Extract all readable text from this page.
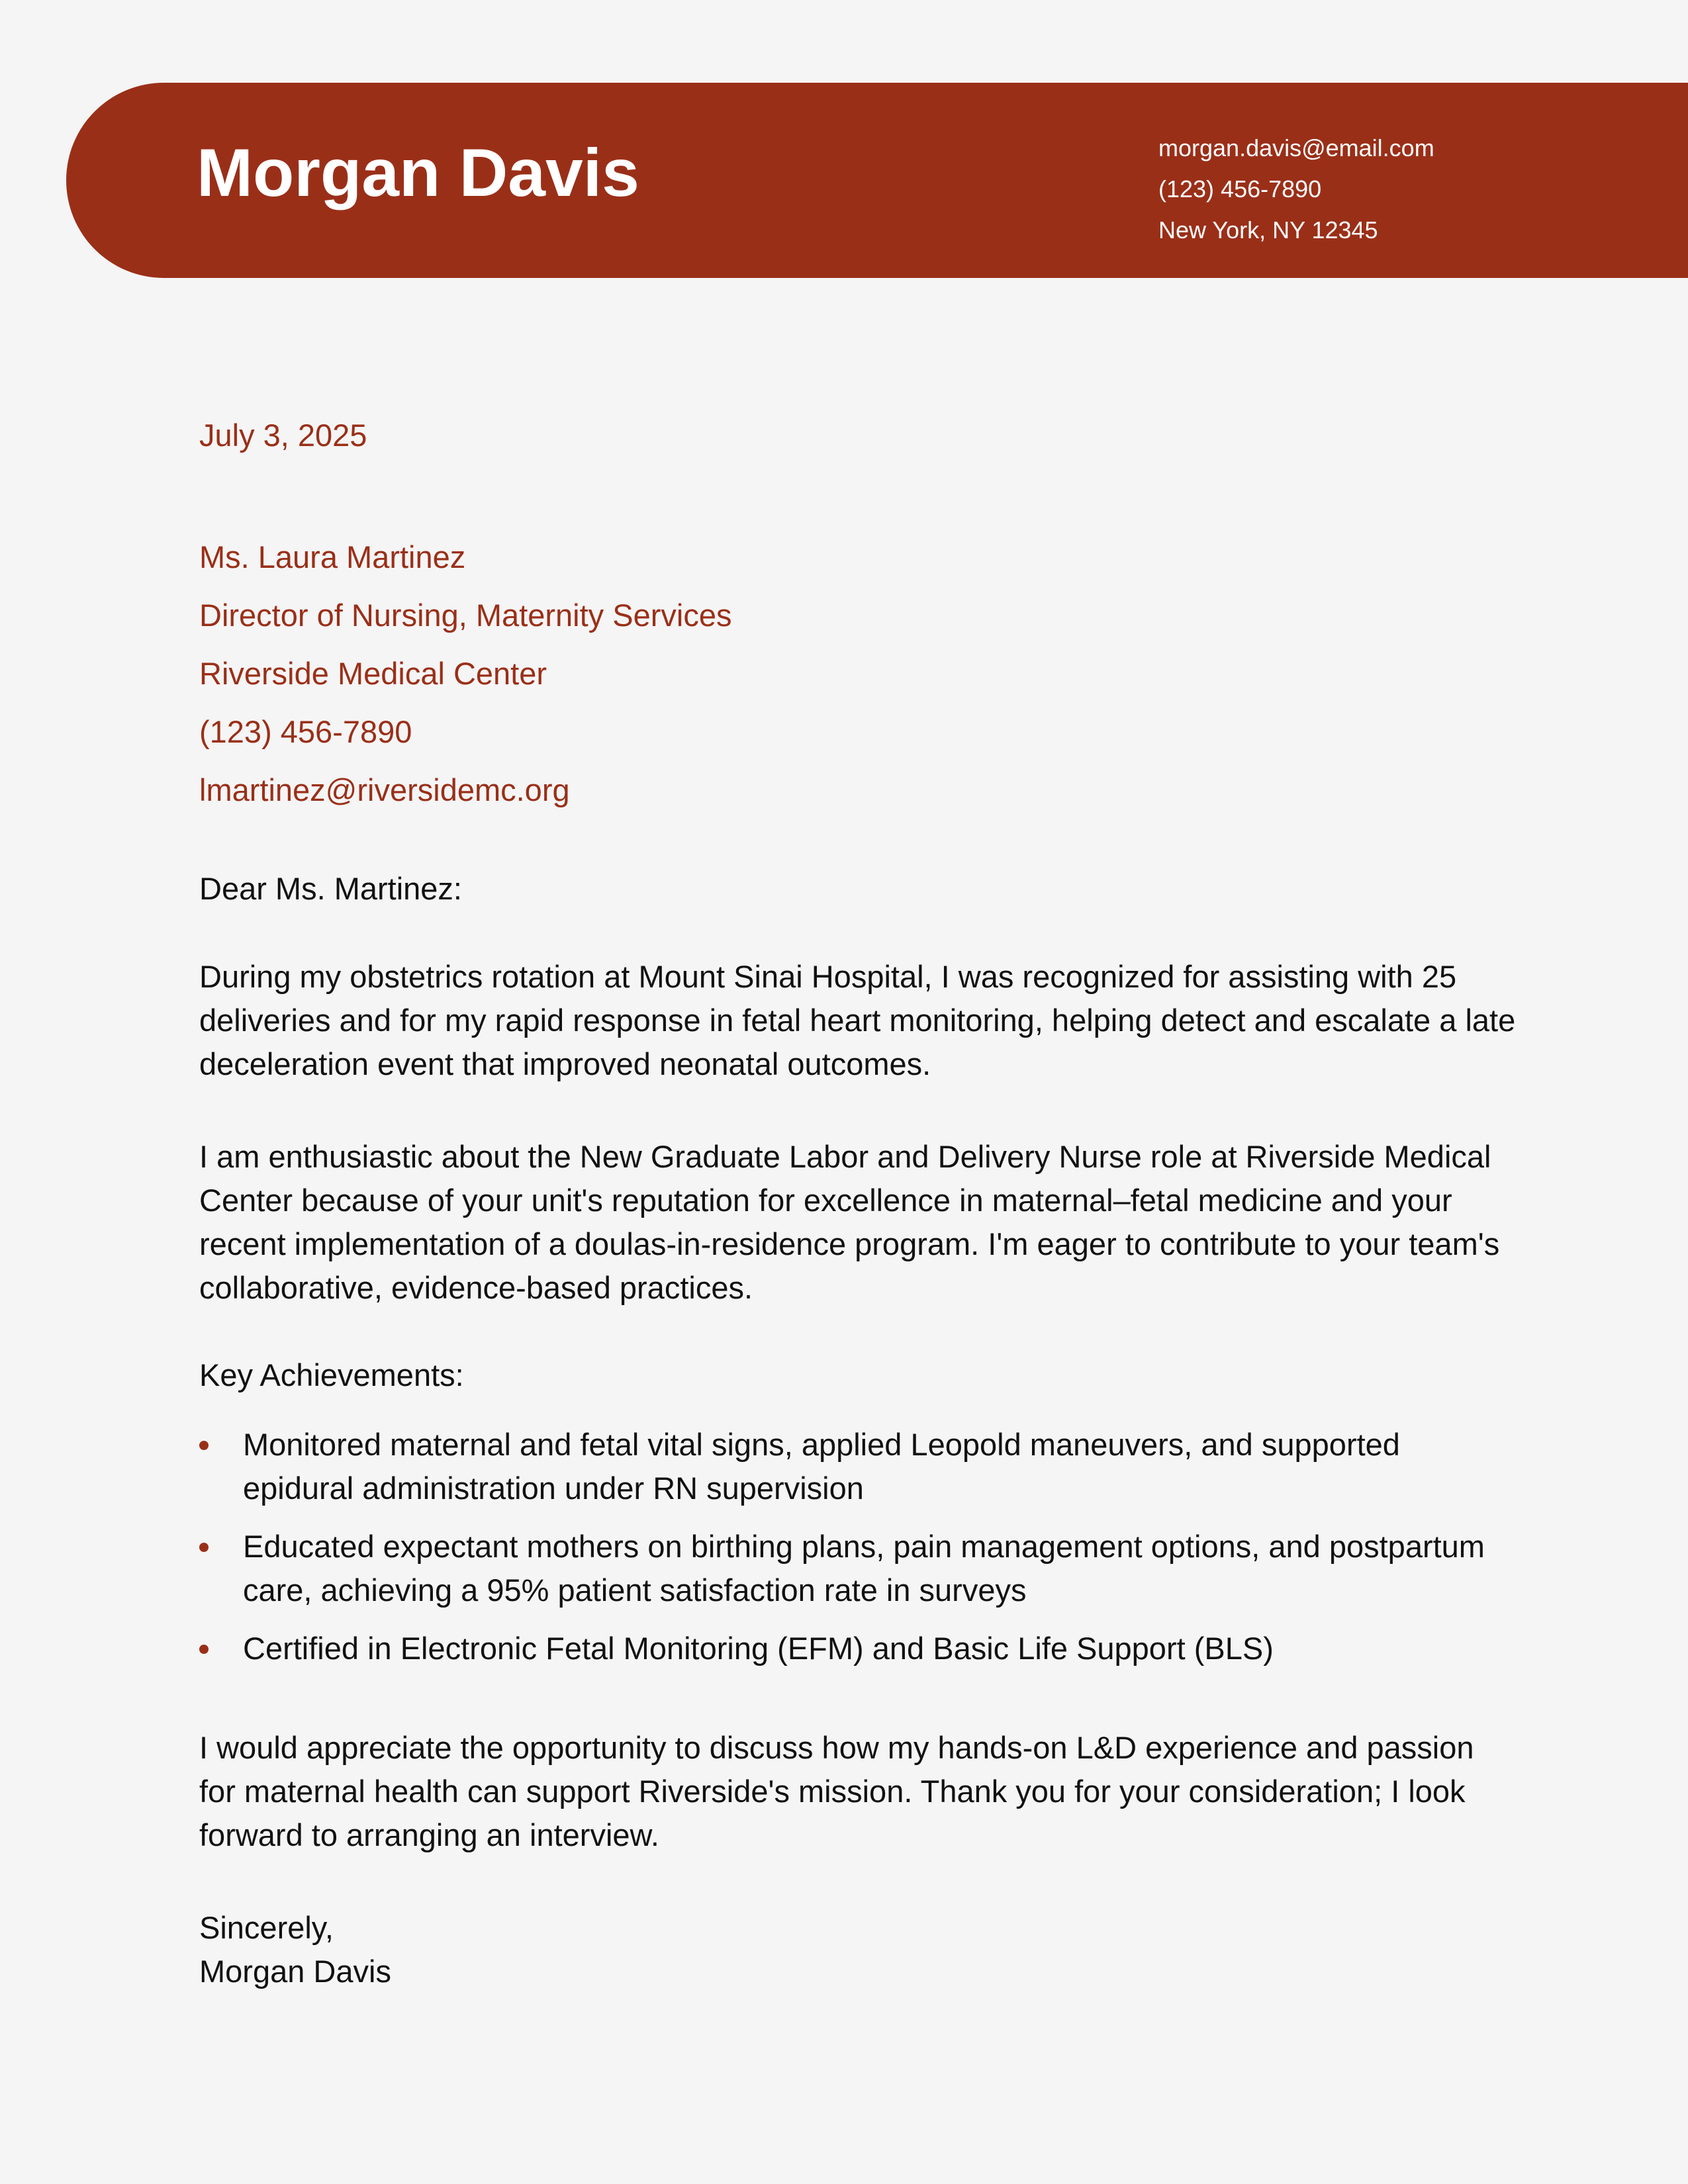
Morgan Davis	morgan.davis@email.com
(123) 456-7890
New York, NY 12345
July 3, 2025
Ms. Laura Martinez
Director of Nursing, Maternity Services
Riverside Medical Center
(123) 456-7890
lmartinez@riversidemc.org
Dear Ms. Martinez:
During my obstetrics rotation at Mount Sinai Hospital, I was recognized for assisting with 25 deliveries and for my rapid response in fetal heart monitoring, helping detect and escalate a late deceleration event that improved neonatal outcomes.
I am enthusiastic about the New Graduate Labor and Delivery Nurse role at Riverside Medical Center because of your unit's reputation for excellence in maternal–fetal medicine and your recent implementation of a doulas-in-residence program. I'm eager to contribute to your team's collaborative, evidence-based practices.
Key Achievements:
Monitored maternal and fetal vital signs, applied Leopold maneuvers, and supported epidural administration under RN supervision
Educated expectant mothers on birthing plans, pain management options, and postpartum care, achieving a 95% patient satisfaction rate in surveys
Certified in Electronic Fetal Monitoring (EFM) and Basic Life Support (BLS)
I would appreciate the opportunity to discuss how my hands-on L&D experience and passion for maternal health can support Riverside's mission. Thank you for your consideration; I look forward to arranging an interview.
Sincerely,
Morgan Davis
